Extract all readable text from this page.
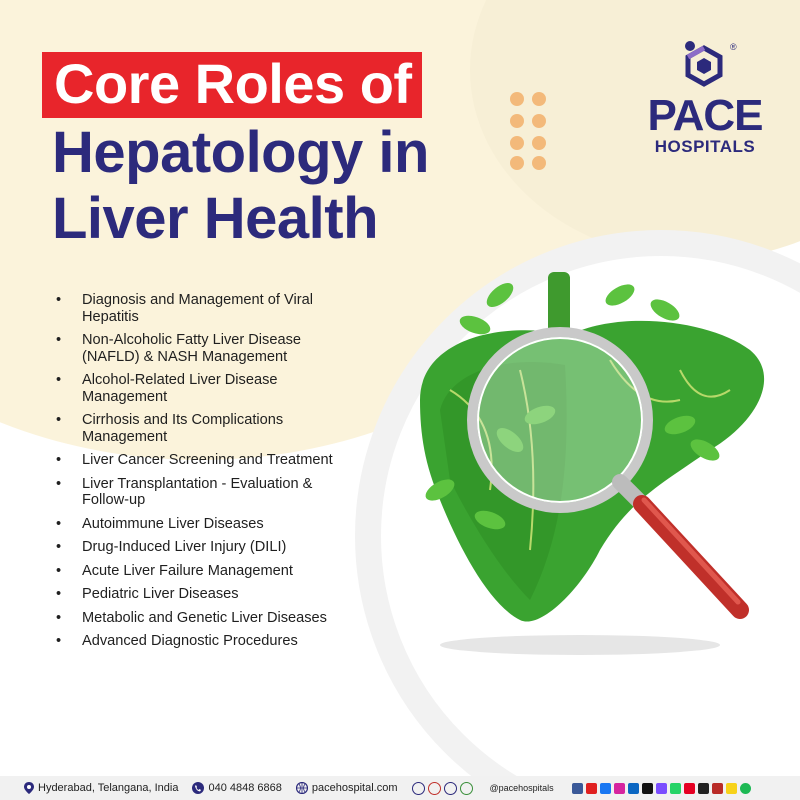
Core Roles of
Hepatology in
Liver Health
®
PACE
HOSPITALS
• Diagnosis and Management of Viral Hepatitis
• Non-Alcoholic Fatty Liver Disease (NAFLD) & NASH Management
• Alcohol-Related Liver Disease Management
• Cirrhosis and Its Complications Management
• Liver Cancer Screening and Treatment
• Liver Transplantation - Evaluation & Follow-up
• Autoimmune Liver Diseases
• Drug-Induced Liver Injury (DILI)
• Acute Liver Failure Management
• Pediatric Liver Diseases
• Metabolic and Genetic Liver Diseases
• Advanced Diagnostic Procedures
Hyderabad, Telangana, India	040 4848 6868	pacehospital.com	@pacehospitals
